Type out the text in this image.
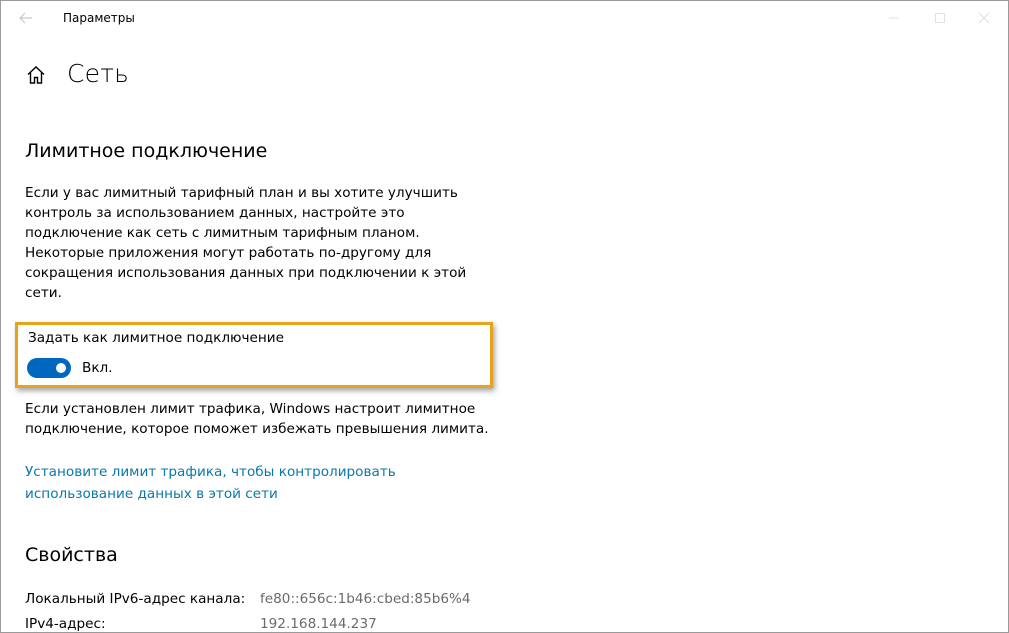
Параметры
Сеть
Лимитное подключение
Если у вас лимитный тарифный план и вы хотите улучшить
контроль за использованием данных, настройте это
подключение как сеть с лимитным тарифным планом.
Некоторые приложения могут работать по-другому для
сокращения использования данных при подключении к этой
сети.
Задать как лимитное подключение
Вкл.
Если установлен лимит трафика, Windows настроит лимитное
подключение, которое поможет избежать превышения лимита.
Установите лимит трафика, чтобы контролировать
использование данных в этой сети
Свойства
Локальный IPv6-адрес канала: fe80::656c:1b46:cbed:85b6%4
IPv4-адрес:	192.168.144.237
